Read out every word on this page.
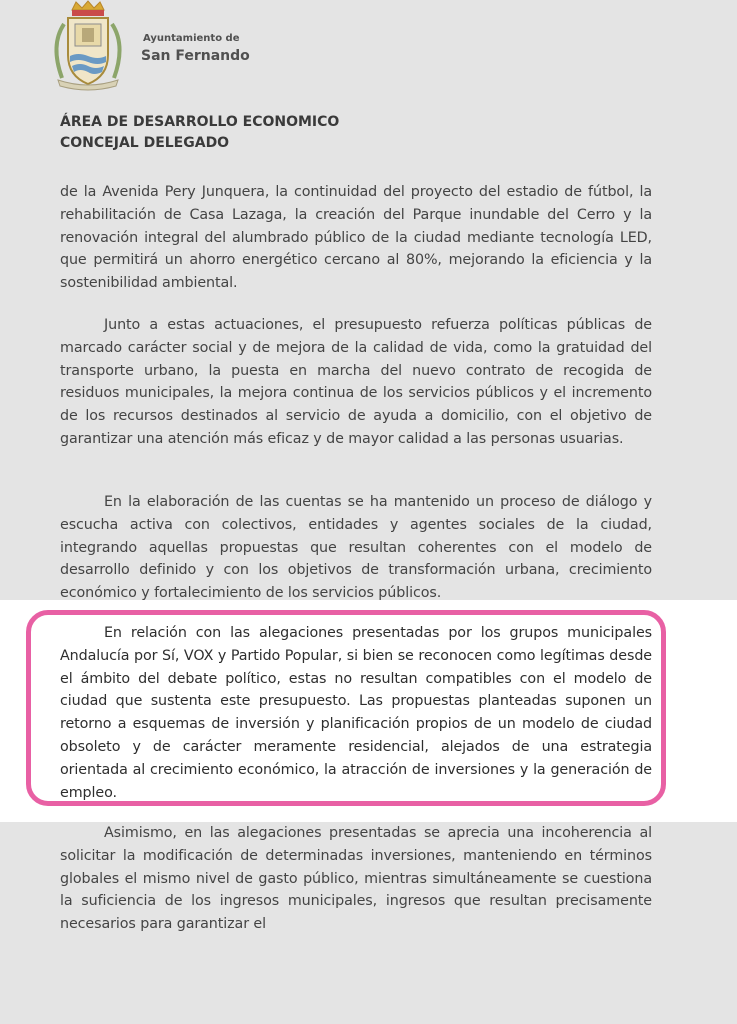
Ayuntamiento de
San Fernando
ÁREA DE DESARROLLO ECONOMICO
CONCEJAL DELEGADO
de la Avenida Pery Junquera, la continuidad del proyecto del estadio de fútbol, la rehabilitación de Casa Lazaga, la creación del Parque inundable del Cerro y la renovación integral del alumbrado público de la ciudad mediante tecnología LED, que permitirá un ahorro energético cercano al 80%, mejorando la eficiencia y la sostenibilidad ambiental.
Junto a estas actuaciones, el presupuesto refuerza políticas públicas de marcado carácter social y de mejora de la calidad de vida, como la gratuidad del transporte urbano, la puesta en marcha del nuevo contrato de recogida de residuos municipales, la mejora continua de los servicios públicos y el incremento de los recursos destinados al servicio de ayuda a domicilio, con el objetivo de garantizar una atención más eficaz y de mayor calidad a las personas usuarias.
En la elaboración de las cuentas se ha mantenido un proceso de diálogo y escucha activa con colectivos, entidades y agentes sociales de la ciudad, integrando aquellas propuestas que resultan coherentes con el modelo de desarrollo definido y con los objetivos de transformación urbana, crecimiento económico y fortalecimiento de los servicios públicos.
En relación con las alegaciones presentadas por los grupos municipales Andalucía por Sí, VOX y Partido Popular, si bien se reconocen como legítimas desde el ámbito del debate político, estas no resultan compatibles con el modelo de ciudad que sustenta este presupuesto. Las propuestas planteadas suponen un retorno a esquemas de inversión y planificación propios de un modelo de ciudad obsoleto y de carácter meramente residencial, alejados de una estrategia orientada al crecimiento económico, la atracción de inversiones y la generación de empleo.
Asimismo, en las alegaciones presentadas se aprecia una incoherencia al solicitar la modificación de determinadas inversiones, manteniendo en términos globales el mismo nivel de gasto público, mientras simultáneamente se cuestiona la suficiencia de los ingresos municipales, ingresos que resultan precisamente necesarios para garantizar el
